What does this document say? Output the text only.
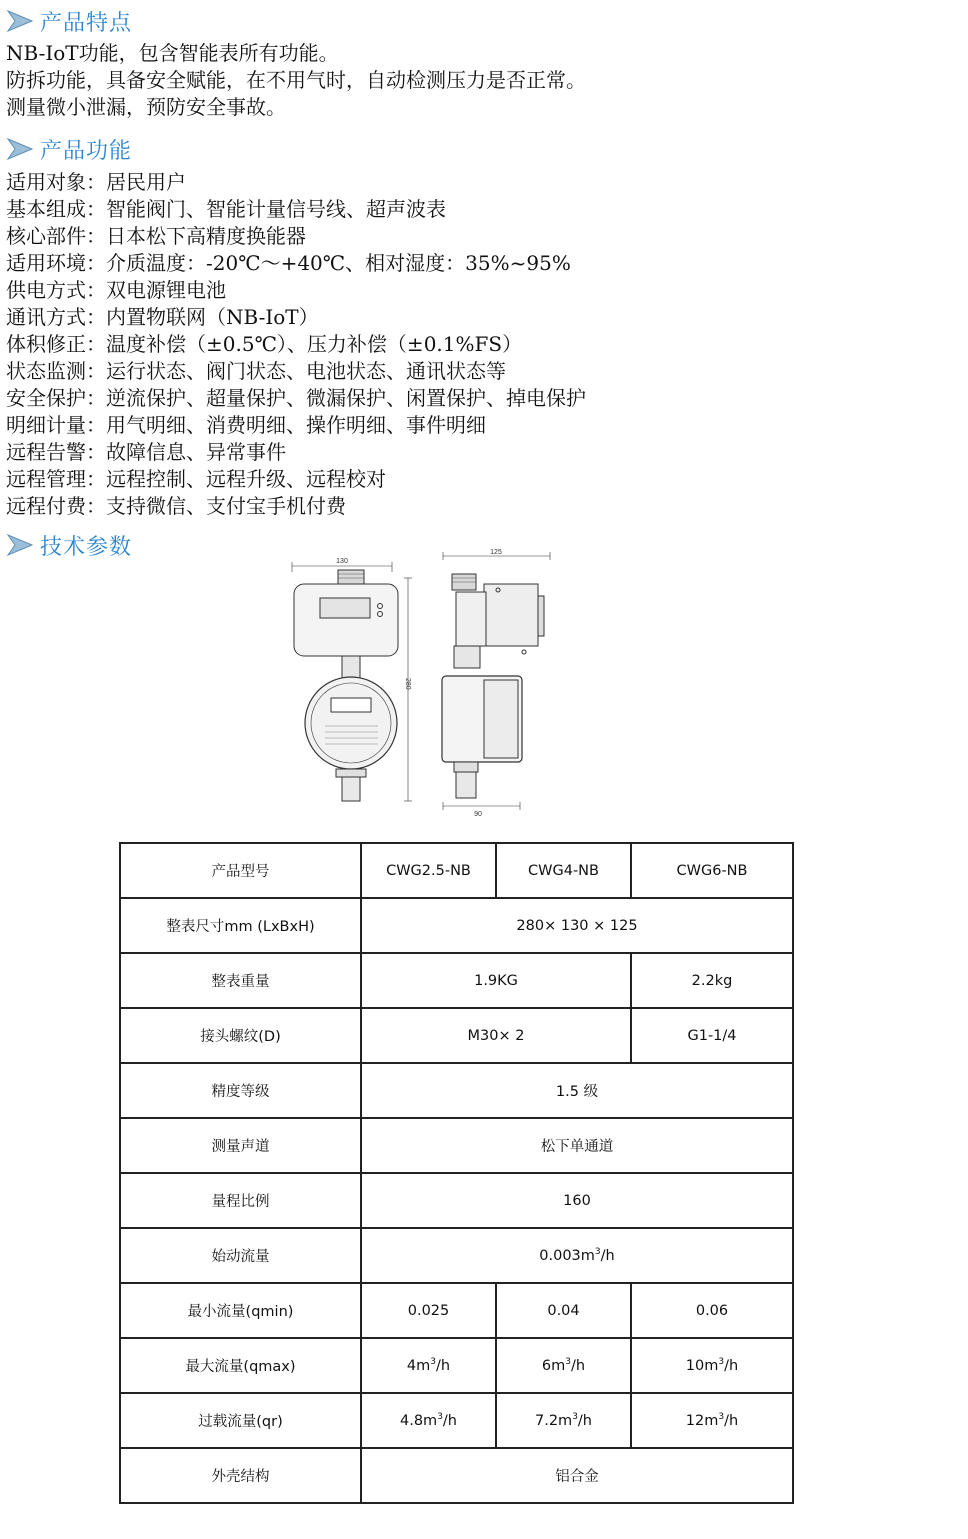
产品特点
NB-IoT功能，包含智能表所有功能。
防拆功能，具备安全赋能，在不用气时，自动检测压力是否正常。
测量微小泄漏，预防安全事故。
产品功能
适用对象：居民用户
基本组成：智能阀门、智能计量信号线、超声波表
核心部件：日本松下高精度换能器
适用环境：介质温度：-20℃～+40℃、相对湿度：35%~95%
供电方式：双电源锂电池
通讯方式：内置物联网（NB-IoT）
体积修正：温度补偿（±0.5℃）、压力补偿（±0.1%FS）
状态监测：运行状态、阀门状态、电池状态、通讯状态等
安全保护：逆流保护、超量保护、微漏保护、闲置保护、掉电保护
明细计量：用气明细、消费明细、操作明细、事件明细
远程告警：故障信息、异常事件
远程管理：远程控制、远程升级、远程校对
远程付费：支持微信、支付宝手机付费
技术参数
130
280
125
90
产品型号	CWG2.5-NB	CWG4-NB	CWG6-NB
整表尺寸mm (LxBxH)	280× 130 × 125		
整表重量	1.9KG		2.2kg
接头螺纹(D)	M30× 2		G1-1/4
精度等级	1.5 级		
测量声道	松下单通道		
量程比例	160		
始动流量	$0.003m^3/h$		
最小流量(qmin)	0.025	0.04	0.06
最大流量(qmax)	$4m^3/h$	$6m^3/h$	$10m^3/h$
过载流量(qr)	$4.8m^3/h$	$7.2m^3/h$	$12m^3/h$
外壳结构	铝合金		
